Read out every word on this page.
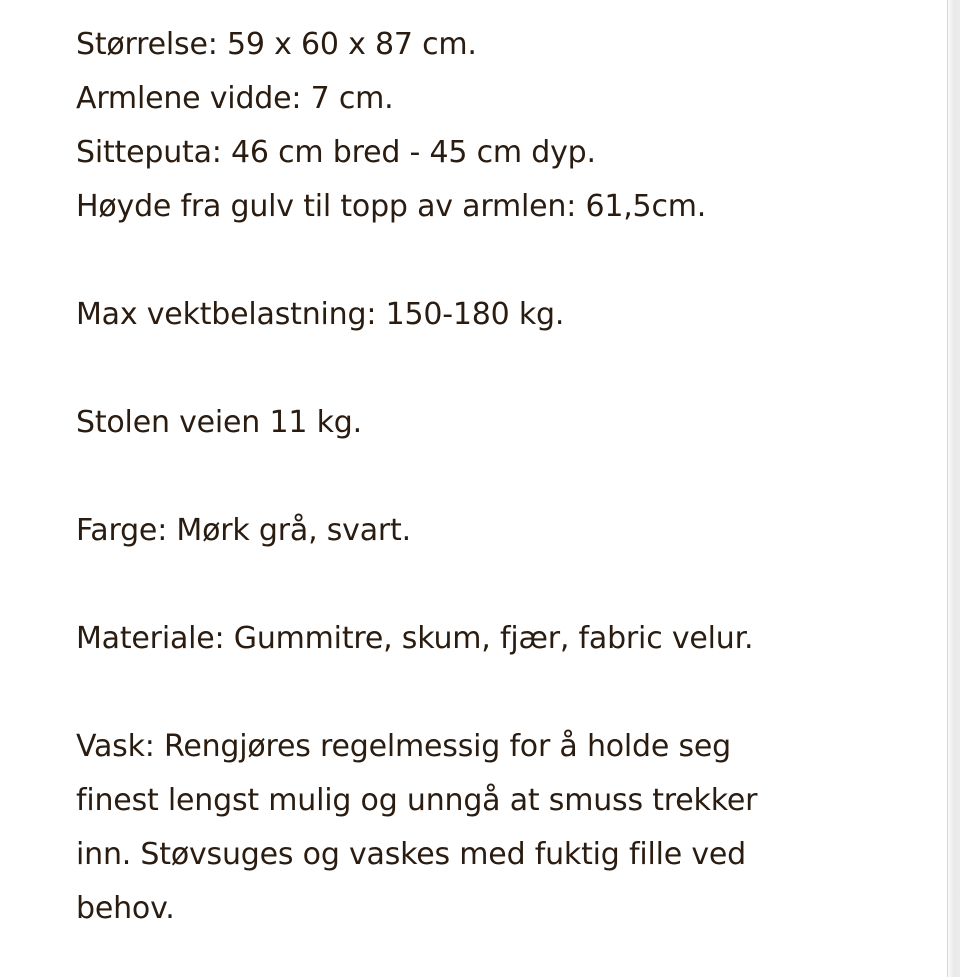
Størrelse: 59 x 60 x 87 cm.
Armlene vidde: 7 cm.
Sitteputa: 46 cm bred - 45 cm dyp.
Høyde fra gulv til topp av armlen: 61,5cm.
Max vektbelastning: 150-180 kg.
Stolen veien 11 kg.
Farge: Mørk grå, svart.
Materiale: Gummitre, skum, fjær, fabric velur.
Vask: Rengjøres regelmessig for å holde seg
finest lengst mulig og unngå at smuss trekker
inn. Støvsuges og vaskes med fuktig fille ved
behov.
